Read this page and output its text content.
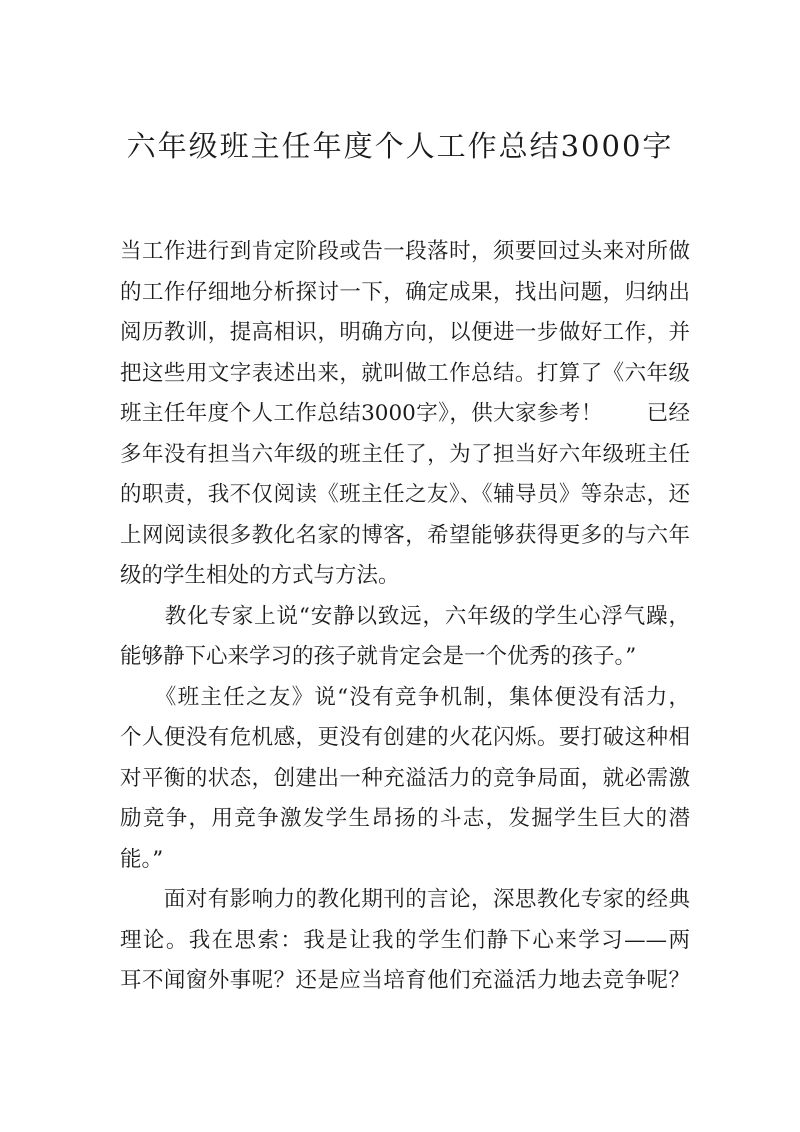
六年级班主任年度个人工作总结3000字
当工作进行到肯定阶段或告一段落时，须要回过头来对所做
的工作仔细地分析探讨一下，确定成果，找出问题，归纳出
阅历教训，提高相识，明确方向，以便进一步做好工作，并
把这些用文字表述出来，就叫做工作总结。打算了《六年级
班主任年度个人工作总结3000字》，供大家参考！　　已经
多年没有担当六年级的班主任了，为了担当好六年级班主任
的职责，我不仅阅读《班主任之友》、《辅导员》等杂志，还
上网阅读很多教化名家的博客，希望能够获得更多的与六年
级的学生相处的方式与方法。
　　教化专家上说“安静以致远，六年级的学生心浮气躁，
能够静下心来学习的孩子就肯定会是一个优秀的孩子。”
　　《班主任之友》说“没有竞争机制，集体便没有活力，
个人便没有危机感，更没有创建的火花闪烁。要打破这种相
对平衡的状态，创建出一种充溢活力的竞争局面，就必需激
励竞争，用竞争激发学生昂扬的斗志，发掘学生巨大的潜
能。”
　　面对有影响力的教化期刊的言论，深思教化专家的经典
理论。我在思索：我是让我的学生们静下心来学习——两
耳不闻窗外事呢？还是应当培育他们充溢活力地去竞争呢？
